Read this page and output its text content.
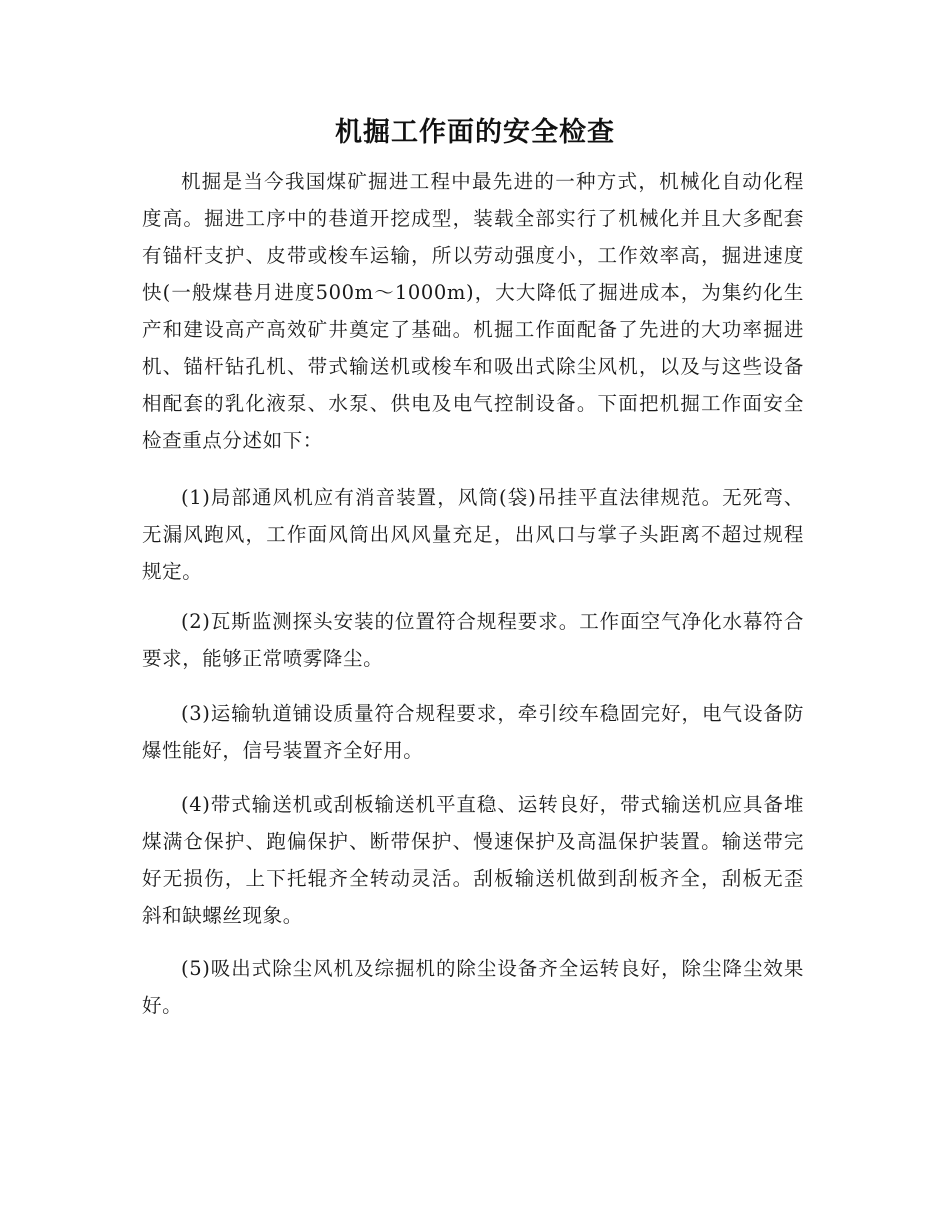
机掘工作面的安全检查

机掘是当今我国煤矿掘进工程中最先进的一种方式，机械化自动化程度高。掘进工序中的巷道开挖成型，装载全部实行了机械化并且大多配套有锚杆支护、皮带或梭车运输，所以劳动强度小，工作效率高，掘进速度快(一般煤巷月进度500m～1000m)，大大降低了掘进成本，为集约化生产和建设高产高效矿井奠定了基础。机掘工作面配备了先进的大功率掘进机、锚杆钻孔机、带式输送机或梭车和吸出式除尘风机，以及与这些设备相配套的乳化液泵、水泵、供电及电气控制设备。下面把机掘工作面安全检查重点分述如下：

(1)局部通风机应有消音装置，风筒(袋)吊挂平直法律规范。无死弯、无漏风跑风，工作面风筒出风风量充足，出风口与掌子头距离不超过规程规定。

(2)瓦斯监测探头安装的位置符合规程要求。工作面空气净化水幕符合要求，能够正常喷雾降尘。

(3)运输轨道铺设质量符合规程要求，牵引绞车稳固完好，电气设备防爆性能好，信号装置齐全好用。

(4)带式输送机或刮板输送机平直稳、运转良好，带式输送机应具备堆煤满仓保护、跑偏保护、断带保护、慢速保护及高温保护装置。输送带完好无损伤，上下托辊齐全转动灵活。刮板输送机做到刮板齐全，刮板无歪斜和缺螺丝现象。

(5)吸出式除尘风机及综掘机的除尘设备齐全运转良好，除尘降尘效果好。
